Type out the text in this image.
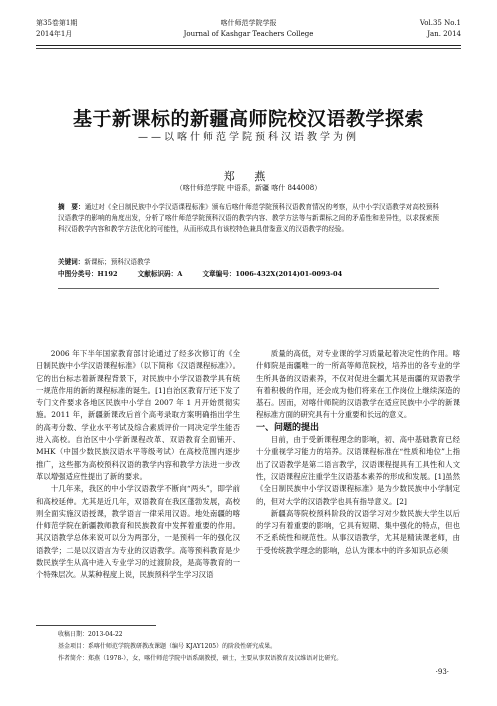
第35卷第1期	喀什师范学院学报	Vol.35 No.1
2014年1月	Journal of Kashgar Teachers College	Jan. 2014
基于新课标的新疆高师院校汉语教学探索
——以喀什师范学院预科汉语教学为例
郑 燕
（喀什师范学院 中语系，新疆 喀什 844008）
摘　要：通过对《全日制民族中小学汉语课程标准》颁布后喀什师范学院预科汉语教育情况的考察，从中小学汉语教学对高校预科汉语教学的影响的角度出发，分析了喀什师范学院预科汉语的教学内容、教学方法等与新课标之间的矛盾性和差异性，以求探索预科汉语教学内容和教学方法优化的可能性，从而形成具有该校特色兼具借鉴意义的汉语教学的经验。
关键词：新课标；预科汉语教学
中图分类号：H192	文献标识码：A	文章编号：1006-432X(2014)01-0093-04

2006 年下半年国家教育部讨论通过了经多次修订的《全日制民族中小学汉语课程标准》（以下简称《汉语课程标准》）。它的出台标志着新课程背景下，对民族中小学汉语教学具有统一规范作用的新的课程标准的诞生。[1]自治区教育厅还下发了专门文件要求各地区民族中小学自 2007 年 1 月开始贯彻实施。2011 年，新疆新课改后首个高考录取方案明确指出学生的高考分数、学业水平考试及综合素质评价一同决定学生能否进入高校。自治区中小学新课程改革、双语教育全面铺开、MHK（中国少数民族汉语水平等级考试）在高校范围内逐步推广，这些都为高校预科汉语的教学内容和教学方法进一步改革以增强适应性提出了新的要求。

十几年来，我区的中小学汉语教学不断向“两头”，即学前和高校延伸。尤其是近几年，双语教育在我区蓬勃发展，高校则全面实施汉语授课，教学语言一律采用汉语。地处南疆的喀什师范学院在新疆教师教育和民族教育中发挥着重要的作用。其汉语教学总体来说可以分为两部分，一是预科一年的强化汉语教学；二是以汉语言为专业的汉语教学。高等预科教育是少数民族学生从高中进入专业学习的过渡阶段，是高等教育的一个特殊层次。从某种程度上说，民族预科学生学习汉语

质量的高低，对专业课的学习质量起着决定性的作用。喀什师院是南疆唯一的一所高等师范院校，培养出的各专业的学生所具备的汉语素养，不仅对促进全疆尤其是南疆的双语教学有着积极的作用，还会成为他们将来在工作岗位上继续深造的基石。因而，对喀什师院的汉语教学在适应民族中小学的新课程标准方面的研究具有十分重要和长远的意义。

一、问题的提出

目前，由于受新课程理念的影响，初、高中基础教育已经十分重视学习能力的培养。汉语课程标准在“性质和地位”上指出了汉语教学是第二语言教学，汉语课程提具有工具性和人文性，汉语课程应注重学生汉语基本素养的形成和发展。[1]虽然《全日制民族中小学汉语课程标准》是为少数民族中小学制定的，但对大学的汉语教学也具有指导意义。[2]

新疆高等院校预科阶段的汉语学习对少数民族大学生以后的学习有着重要的影响，它具有短期、集中强化的特点，但也不乏系统性和规范性。从事汉语教学，尤其是精读课老师，由于受传统教学理念的影响，总认为课本中的许多知识点必须

收稿日期：2013-04-22
基金项目：系喀什师范学院教研教改课题（编号 KJAY1205）的阶段性研究成果。
作者简介：郑燕（1978-），女，喀什师范学院中语系副教授，硕士，主要从事双语教育及汉维语对比研究。
·93·
